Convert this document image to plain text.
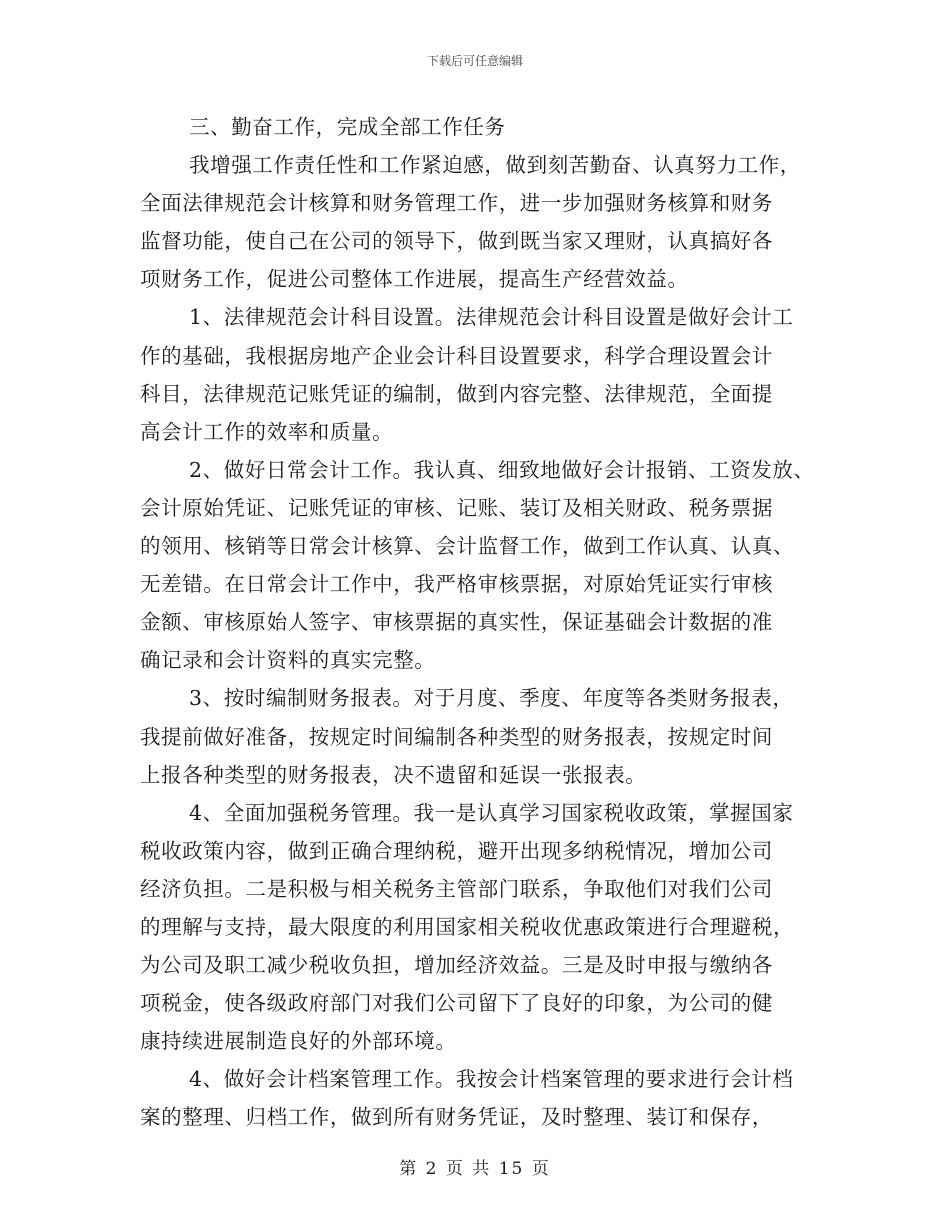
下载后可任意编辑
三、勤奋工作，完成全部工作任务
我增强工作责任性和工作紧迫感，做到刻苦勤奋、认真努力工作，
全面法律规范会计核算和财务管理工作，进一步加强财务核算和财务
监督功能，使自己在公司的领导下，做到既当家又理财，认真搞好各
项财务工作，促进公司整体工作进展，提高生产经营效益。
1、法律规范会计科目设置。法律规范会计科目设置是做好会计工
作的基础，我根据房地产企业会计科目设置要求，科学合理设置会计
科目，法律规范记账凭证的编制，做到内容完整、法律规范，全面提
高会计工作的效率和质量。
2、做好日常会计工作。我认真、细致地做好会计报销、工资发放、
会计原始凭证、记账凭证的审核、记账、装订及相关财政、税务票据
的领用、核销等日常会计核算、会计监督工作，做到工作认真、认真、
无差错。在日常会计工作中，我严格审核票据，对原始凭证实行审核
金额、审核原始人签字、审核票据的真实性，保证基础会计数据的准
确记录和会计资料的真实完整。
3、按时编制财务报表。对于月度、季度、年度等各类财务报表，
我提前做好准备，按规定时间编制各种类型的财务报表，按规定时间
上报各种类型的财务报表，决不遗留和延误一张报表。
4、全面加强税务管理。我一是认真学习国家税收政策，掌握国家
税收政策内容，做到正确合理纳税，避开出现多纳税情况，增加公司
经济负担。二是积极与相关税务主管部门联系，争取他们对我们公司
的理解与支持，最大限度的利用国家相关税收优惠政策进行合理避税，
为公司及职工减少税收负担，增加经济效益。三是及时申报与缴纳各
项税金，使各级政府部门对我们公司留下了良好的印象，为公司的健
康持续进展制造良好的外部环境。
4、做好会计档案管理工作。我按会计档案管理的要求进行会计档
案的整理、归档工作，做到所有财务凭证，及时整理、装订和保存，
第 2 页 共 15 页
